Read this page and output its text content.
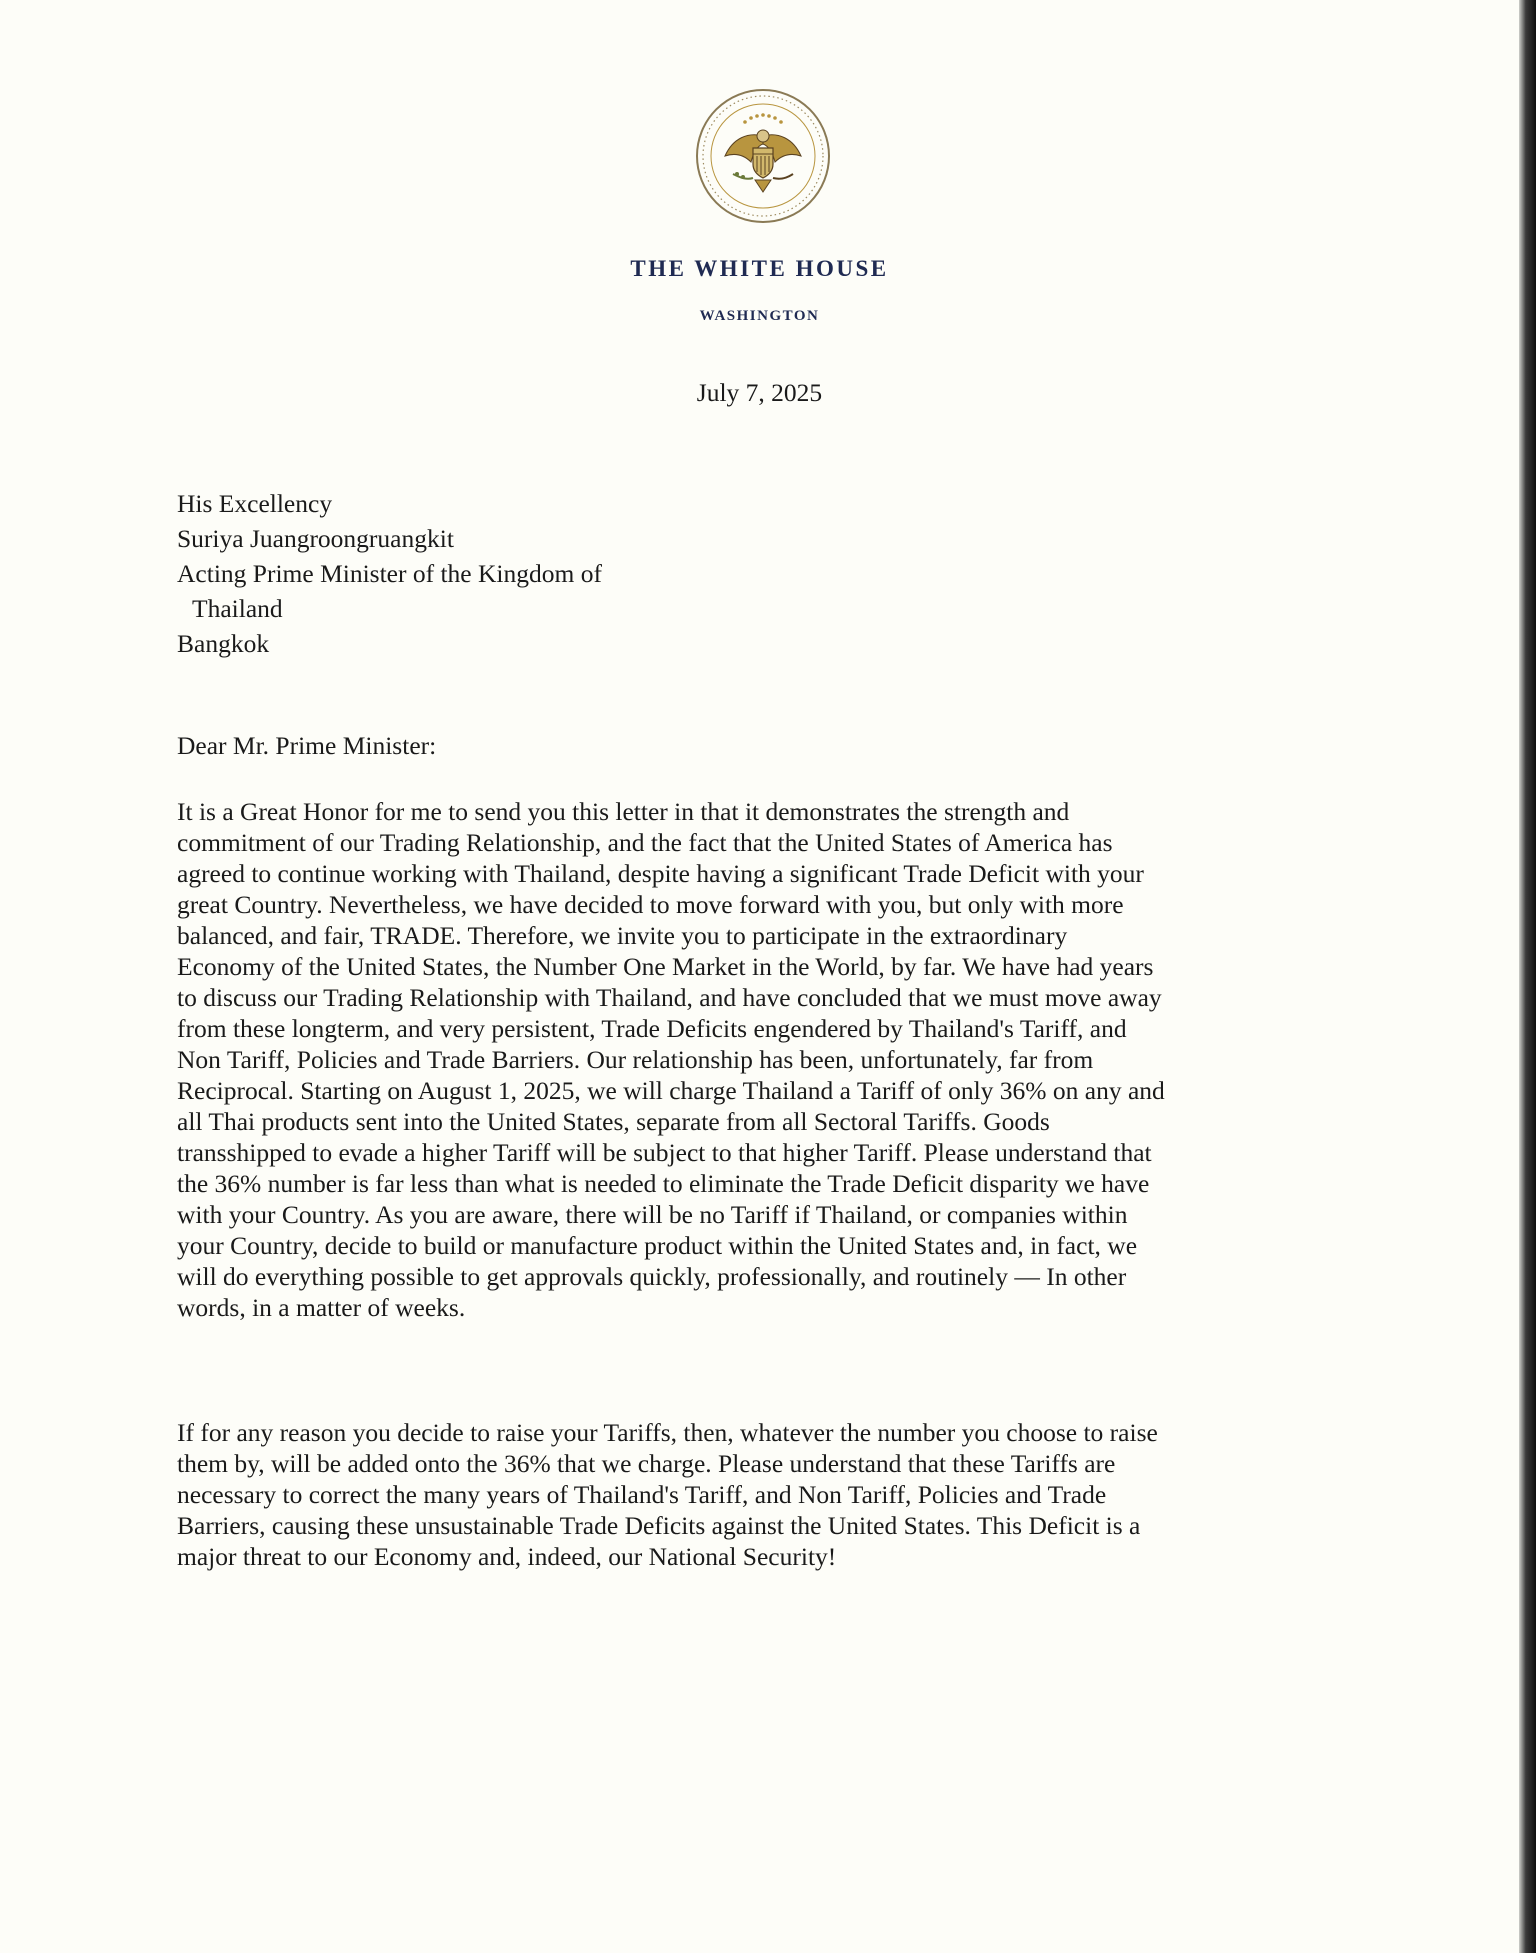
THE WHITE HOUSE
WASHINGTON
July 7, 2025
His Excellency
Suriya Juangroongruangkit
Acting Prime Minister of the Kingdom of
Thailand
Bangkok
Dear Mr. Prime Minister:
It is a Great Honor for me to send you this letter in that it demonstrates the strength and
commitment of our Trading Relationship, and the fact that the United States of America has
agreed to continue working with Thailand, despite having a significant Trade Deficit with your
great Country. Nevertheless, we have decided to move forward with you, but only with more
balanced, and fair, TRADE. Therefore, we invite you to participate in the extraordinary
Economy of the United States, the Number One Market in the World, by far. We have had years
to discuss our Trading Relationship with Thailand, and have concluded that we must move away
from these longterm, and very persistent, Trade Deficits engendered by Thailand's Tariff, and
Non Tariff, Policies and Trade Barriers. Our relationship has been, unfortunately, far from
Reciprocal. Starting on August 1, 2025, we will charge Thailand a Tariff of only 36% on any and
all Thai products sent into the United States, separate from all Sectoral Tariffs. Goods
transshipped to evade a higher Tariff will be subject to that higher Tariff. Please understand that
the 36% number is far less than what is needed to eliminate the Trade Deficit disparity we have
with your Country. As you are aware, there will be no Tariff if Thailand, or companies within
your Country, decide to build or manufacture product within the United States and, in fact, we
will do everything possible to get approvals quickly, professionally, and routinely — In other
words, in a matter of weeks.
If for any reason you decide to raise your Tariffs, then, whatever the number you choose to raise
them by, will be added onto the 36% that we charge. Please understand that these Tariffs are
necessary to correct the many years of Thailand's Tariff, and Non Tariff, Policies and Trade
Barriers, causing these unsustainable Trade Deficits against the United States. This Deficit is a
major threat to our Economy and, indeed, our National Security!
